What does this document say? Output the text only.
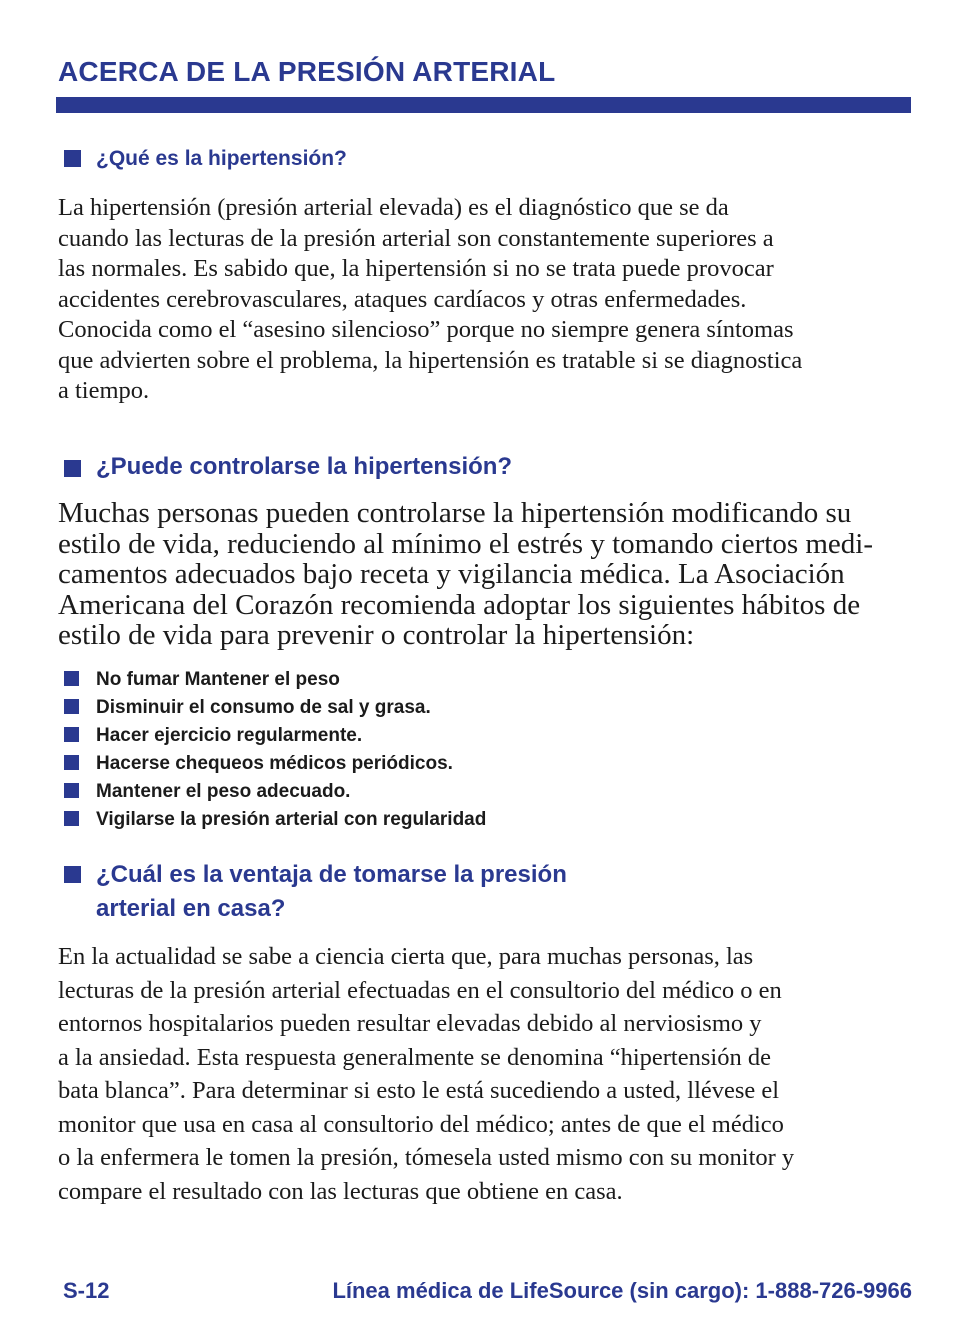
ACERCA DE LA PRESIÓN ARTERIAL
¿Qué es la hipertensión?

La hipertensión (presión arterial elevada) es el diagnóstico que se da
cuando las lecturas de la presión arterial son constantemente superiores a
las normales. Es sabido que, la hipertensión si no se trata puede provocar
accidentes cerebrovasculares, ataques cardíacos y otras enfermedades.
Conocida como el “asesino silencioso” porque no siempre genera síntomas
que advierten sobre el problema, la hipertensión es tratable si se diagnostica
a tiempo.

¿Puede controlarse la hipertensión?

Muchas personas pueden controlarse la hipertensión modificando su
estilo de vida, reduciendo al mínimo el estrés y tomando ciertos medi-
camentos adecuados bajo receta y vigilancia médica. La Asociación
Americana del Corazón recomienda adoptar los siguientes hábitos de
estilo de vida para prevenir o controlar la hipertensión:

No fumar Mantener el peso
Disminuir el consumo de sal y grasa.
Hacer ejercicio regularmente.
Hacerse chequeos médicos periódicos.
Mantener el peso adecuado.
Vigilarse la presión arterial con regularidad
¿Cuál es la ventaja de tomarse la presión
arterial en casa?

En la actualidad se sabe a ciencia cierta que, para muchas personas, las
lecturas de la presión arterial efectuadas en el consultorio del médico o en
entornos hospitalarios pueden resultar elevadas debido al nerviosismo y
a la ansiedad. Esta respuesta generalmente se denomina “hipertensión de
bata blanca”. Para determinar si esto le está sucediendo a usted, llévese el
monitor que usa en casa al consultorio del médico; antes de que el médico
o la enfermera le tomen la presión, tómesela usted mismo con su monitor y
compare el resultado con las lecturas que obtiene en casa.

S-12	Línea médica de LifeSource (sin cargo): 1-888-726-9966
